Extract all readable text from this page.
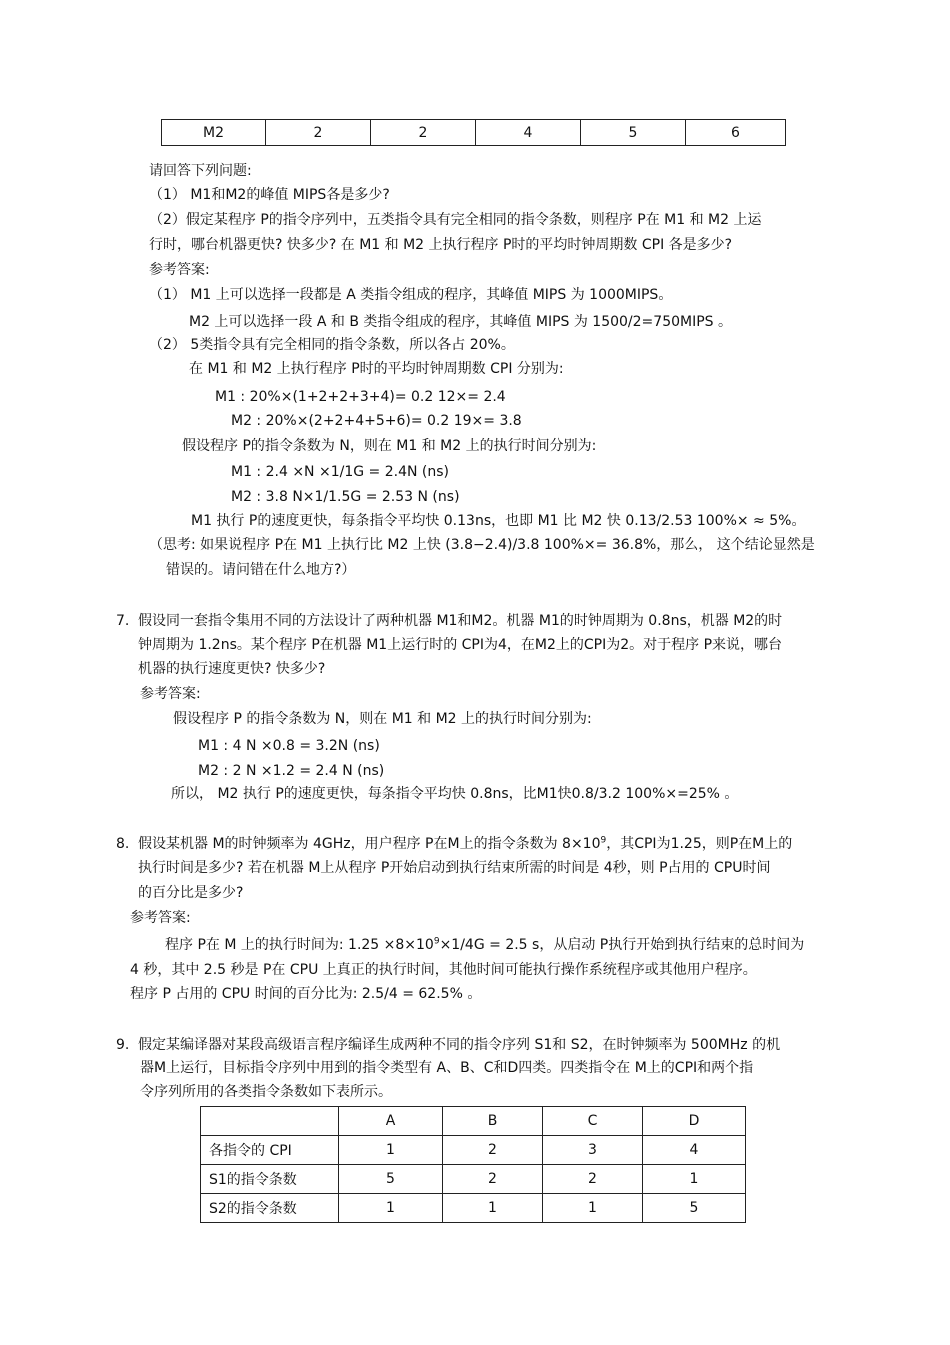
M2	2	2	4	5	6
请回答下列问题:
（1） M1和M2的峰值 MIPS各是多少?
（2）假定某程序 P的指令序列中，五类指令具有完全相同的指令条数，则程序 P在 M1 和 M2 上运
行时，哪台机器更快? 快多少? 在 M1 和 M2 上执行程序 P时的平均时钟周期数 CPI 各是多少?
参考答案:
（1） M1 上可以选择一段都是 A 类指令组成的程序，其峰值 MIPS 为 1000MIPS。
M2 上可以选择一段 A 和 B 类指令组成的程序，其峰值 MIPS 为 1500/2=750MIPS 。
（2） 5类指令具有完全相同的指令条数，所以各占 20%。
在 M1 和 M2 上执行程序 P时的平均时钟周期数 CPI 分别为:
M1 : 20%×(1+2+2+3+4)= 0.2 12×= 2.4
M2 : 20%×(2+2+4+5+6)= 0.2 19×= 3.8
假设程序 P的指令条数为 N，则在 M1 和 M2 上的执行时间分别为:
M1 : 2.4 ×N ×1/1G = 2.4N (ns)
M2 : 3.8 N×1/1.5G = 2.53 N (ns)
M1 执行 P的速度更快，每条指令平均快 0.13ns，也即 M1 比 M2 快 0.13/2.53 100%× ≈ 5%。
（思考: 如果说程序 P在 M1 上执行比 M2 上快 (3.8−2.4)/3.8 100%×= 36.8%，那么， 这个结论显然是
错误的。请问错在什么地方?）
7. 假设同一套指令集用不同的方法设计了两种机器 M1和M2。机器 M1的时钟周期为 0.8ns，机器 M2的时
钟周期为 1.2ns。某个程序 P在机器 M1上运行时的 CPI为4，在M2上的CPI为2。对于程序 P来说，哪台
机器的执行速度更快? 快多少?
参考答案:
假设程序 P 的指令条数为 N，则在 M1 和 M2 上的执行时间分别为:
M1 : 4 N ×0.8 = 3.2N (ns)
M2 : 2 N ×1.2 = 2.4 N (ns)
所以， M2 执行 P的速度更快，每条指令平均快 0.8ns，比M1快0.8/3.2 100%×=25% 。
8. 假设某机器 M的时钟频率为 4GHz，用户程序 P在M上的指令条数为 $8\times 10^9$，其CPI为1.25，则P在M上的
执行时间是多少? 若在机器 M上从程序 P开始启动到执行结束所需的时间是 4秒，则 P占用的 CPU时间
的百分比是多少?
参考答案:
程序 P在 M 上的执行时间为: $1.25 \times 8\times 10^9\times 1/4G = 2.5$ s，从启动 P执行开始到执行结束的总时间为
4 秒，其中 2.5 秒是 P在 CPU 上真正的执行时间，其他时间可能执行操作系统程序或其他用户程序。
程序 P 占用的 CPU 时间的百分比为: 2.5/4 = 62.5% 。
9. 假定某编译器对某段高级语言程序编译生成两种不同的指令序列 S1和 S2，在时钟频率为 500MHz 的机
器M上运行，目标指令序列中用到的指令类型有 A、B、C和D四类。四类指令在 M上的CPI和两个指
令序列所用的各类指令条数如下表所示。
	A	B	C	D
各指令的 CPI	1	2	3	4
S1的指令条数	5	2	2	1
S2的指令条数	1	1	1	5
